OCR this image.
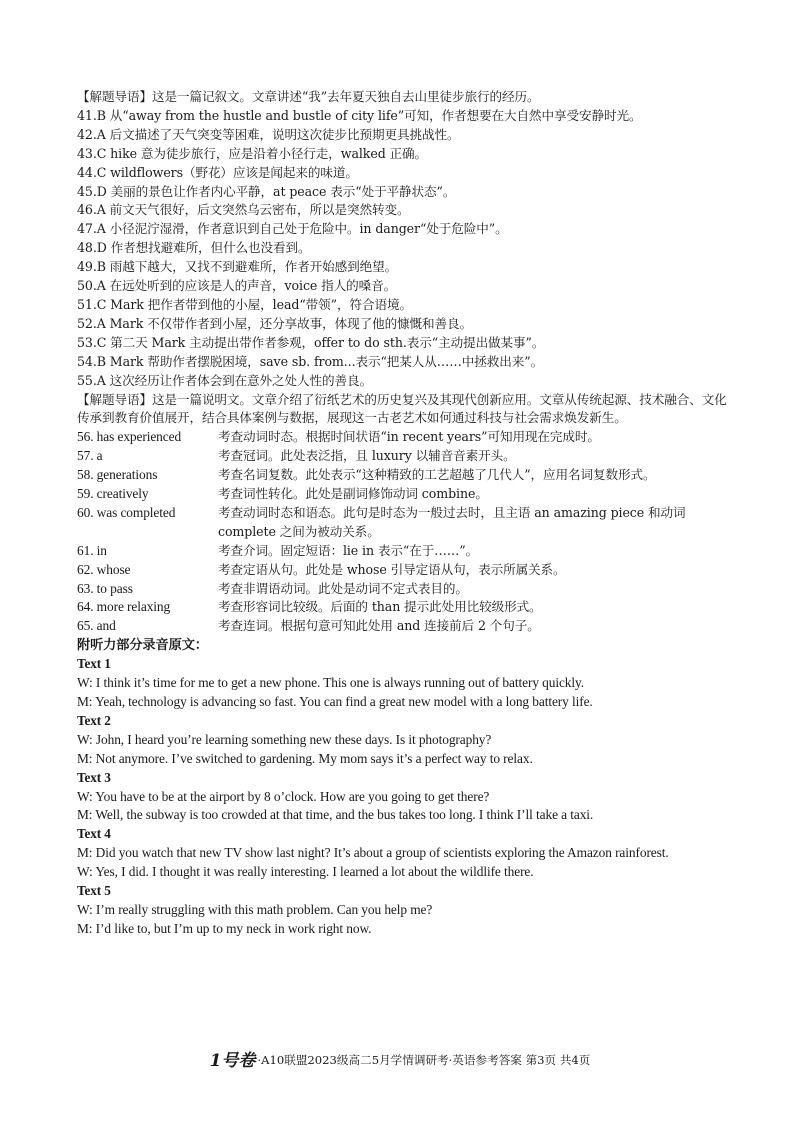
【解题导语】这是一篇记叙文。文章讲述“我”去年夏天独自去山里徒步旅行的经历。
41.B 从“away from the hustle and bustle of city life”可知，作者想要在大自然中享受安静时光。
42.A 后文描述了天气突变等困难，说明这次徒步比预期更具挑战性。
43.C hike 意为徒步旅行，应是沿着小径行走，walked 正确。
44.C wildflowers（野花）应该是闻起来的味道。
45.D 美丽的景色让作者内心平静，at peace 表示“处于平静状态”。
46.A 前文天气很好，后文突然乌云密布，所以是突然转变。
47.A 小径泥泞湿滑，作者意识到自己处于危险中。in danger“处于危险中”。
48.D 作者想找避难所，但什么也没看到。
49.B 雨越下越大，又找不到避难所，作者开始感到绝望。
50.A 在远处听到的应该是人的声音，voice 指人的嗓音。
51.C Mark 把作者带到他的小屋，lead“带领”，符合语境。
52.A Mark 不仅带作者到小屋，还分享故事，体现了他的慷慨和善良。
53.C 第二天 Mark 主动提出带作者参观，offer to do sth.表示“主动提出做某事”。
54.B Mark 帮助作者摆脱困境，save sb. from...表示“把某人从……中拯救出来”。
55.A 这次经历让作者体会到在意外之处人性的善良。
【解题导语】这是一篇说明文。文章介绍了衍纸艺术的历史复兴及其现代创新应用。文章从传统起源、技术融合、文化传承到教育价值展开，结合具体案例与数据，展现这一古老艺术如何通过科技与社会需求焕发新生。
56. has experienced	考查动词时态。根据时间状语“in recent years”可知用现在完成时。
57. a	考查冠词。此处表泛指，且 luxury 以辅音音素开头。
58. generations	考查名词复数。此处表示“这种精致的工艺超越了几代人”，应用名词复数形式。
59. creatively	考查词性转化。此处是副词修饰动词 combine。
60. was completed	考查动词时态和语态。此句是时态为一般过去时，且主语 an amazing piece 和动词 complete 之间为被动关系。
61. in	考查介词。固定短语：lie in 表示“在于……”。
62. whose	考查定语从句。此处是 whose 引导定语从句，表示所属关系。
63. to pass	考查非谓语动词。此处是动词不定式表目的。
64. more relaxing	考查形容词比较级。后面的 than 提示此处用比较级形式。
65. and	考查连词。根据句意可知此处用 and 连接前后 2 个句子。
附听力部分录音原文：
Text 1
W: I think it’s time for me to get a new phone. This one is always running out of battery quickly.
M: Yeah, technology is advancing so fast. You can find a great new model with a long battery life.
Text 2
W: John, I heard you’re learning something new these days. Is it photography?
M: Not anymore. I’ve switched to gardening. My mom says it’s a perfect way to relax.
Text 3
W: You have to be at the airport by 8 o’clock. How are you going to get there?
M: Well, the subway is too crowded at that time, and the bus takes too long. I think I’ll take a taxi.
Text 4
M: Did you watch that new TV show last night? It’s about a group of scientists exploring the Amazon rainforest.
W: Yes, I did. I thought it was really interesting. I learned a lot about the wildlife there.
Text 5
W: I’m really struggling with this math problem. Can you help me?
M: I’d like to, but I’m up to my neck in work right now.
1号卷 ·A10联盟2023级高二5月学情调研考·英语参考答案 第3页 共4页
